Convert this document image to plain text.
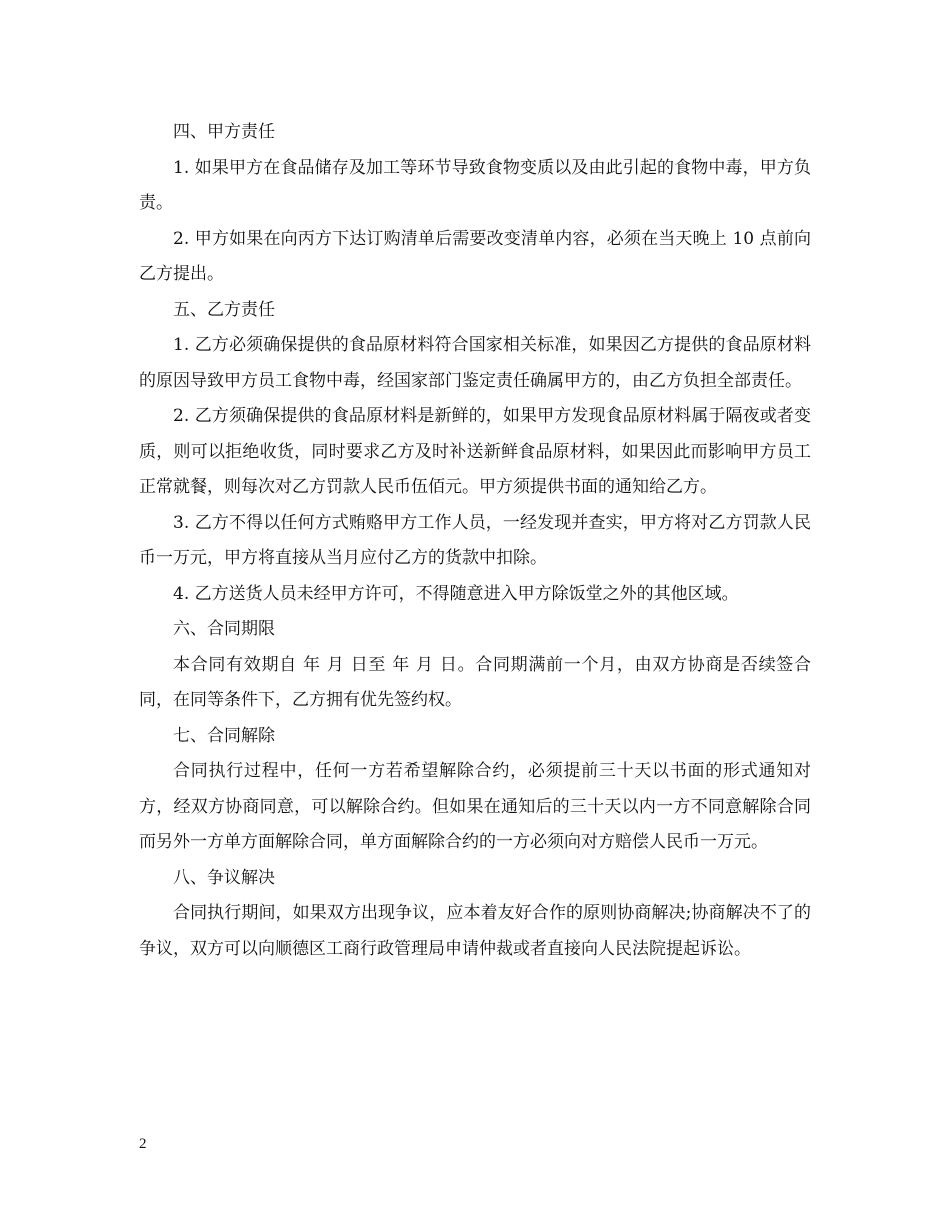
四、甲方责任

1. 如果甲方在食品储存及加工等环节导致食物变质以及由此引起的食物中毒，甲方负责。

2. 甲方如果在向丙方下达订购清单后需要改变清单内容，必须在当天晚上 10 点前向乙方提出。

五、乙方责任

1. 乙方必须确保提供的食品原材料符合国家相关标准，如果因乙方提供的食品原材料的原因导致甲方员工食物中毒，经国家部门鉴定责任确属甲方的，由乙方负担全部责任。

2. 乙方须确保提供的食品原材料是新鲜的，如果甲方发现食品原材料属于隔夜或者变质，则可以拒绝收货，同时要求乙方及时补送新鲜食品原材料，如果因此而影响甲方员工正常就餐，则每次对乙方罚款人民币伍佰元。甲方须提供书面的通知给乙方。

3. 乙方不得以任何方式贿赂甲方工作人员，一经发现并查实，甲方将对乙方罚款人民币一万元，甲方将直接从当月应付乙方的货款中扣除。

4. 乙方送货人员未经甲方许可，不得随意进入甲方除饭堂之外的其他区域。

六、合同期限

本合同有效期自 年 月 日至 年 月 日。合同期满前一个月，由双方协商是否续签合同，在同等条件下，乙方拥有优先签约权。

七、合同解除

合同执行过程中，任何一方若希望解除合约，必须提前三十天以书面的形式通知对方，经双方协商同意，可以解除合约。但如果在通知后的三十天以内一方不同意解除合同而另外一方单方面解除合同，单方面解除合约的一方必须向对方赔偿人民币一万元。

八、争议解决

合同执行期间，如果双方出现争议，应本着友好合作的原则协商解决;协商解决不了的争议，双方可以向顺德区工商行政管理局申请仲裁或者直接向人民法院提起诉讼。

2
